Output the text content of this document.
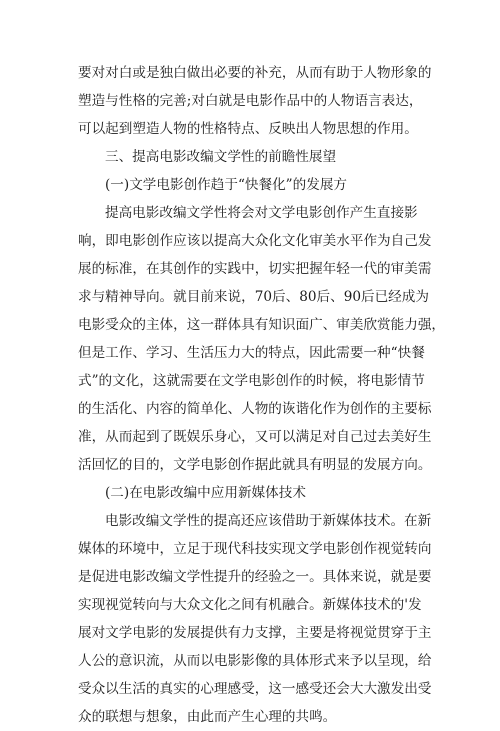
要对对白或是独白做出必要的补充，从而有助于人物形象的
塑造与性格的完善;对白就是电影作品中的人物语言表达，
可以起到塑造人物的性格特点、反映出人物思想的作用。
三、提高电影改编文学性的前瞻性展望
(一)文学电影创作趋于“快餐化”的发展方
提高电影改编文学性将会对文学电影创作产生直接影
响，即电影创作应该以提高大众化文化审美水平作为自己发
展的标准，在其创作的实践中，切实把握年轻一代的审美需
求与精神导向。就目前来说，70后、80后、90后已经成为
电影受众的主体，这一群体具有知识面广、审美欣赏能力强，
但是工作、学习、生活压力大的特点，因此需要一种“快餐
式”的文化，这就需要在文学电影创作的时候，将电影情节
的生活化、内容的简单化、人物的诙谐化作为创作的主要标
准，从而起到了既娱乐身心，又可以满足对自己过去美好生
活回忆的目的，文学电影创作据此就具有明显的发展方向。
(二)在电影改编中应用新媒体技术
电影改编文学性的提高还应该借助于新媒体技术。在新
媒体的环境中，立足于现代科技实现文学电影创作视觉转向
是促进电影改编文学性提升的经验之一。具体来说，就是要
实现视觉转向与大众文化之间有机融合。新媒体技术的'发
展对文学电影的发展提供有力支撑，主要是将视觉贯穿于主
人公的意识流，从而以电影影像的具体形式来予以呈现，给
受众以生活的真实的心理感受，这一感受还会大大激发出受
众的联想与想象，由此而产生心理的共鸣。
